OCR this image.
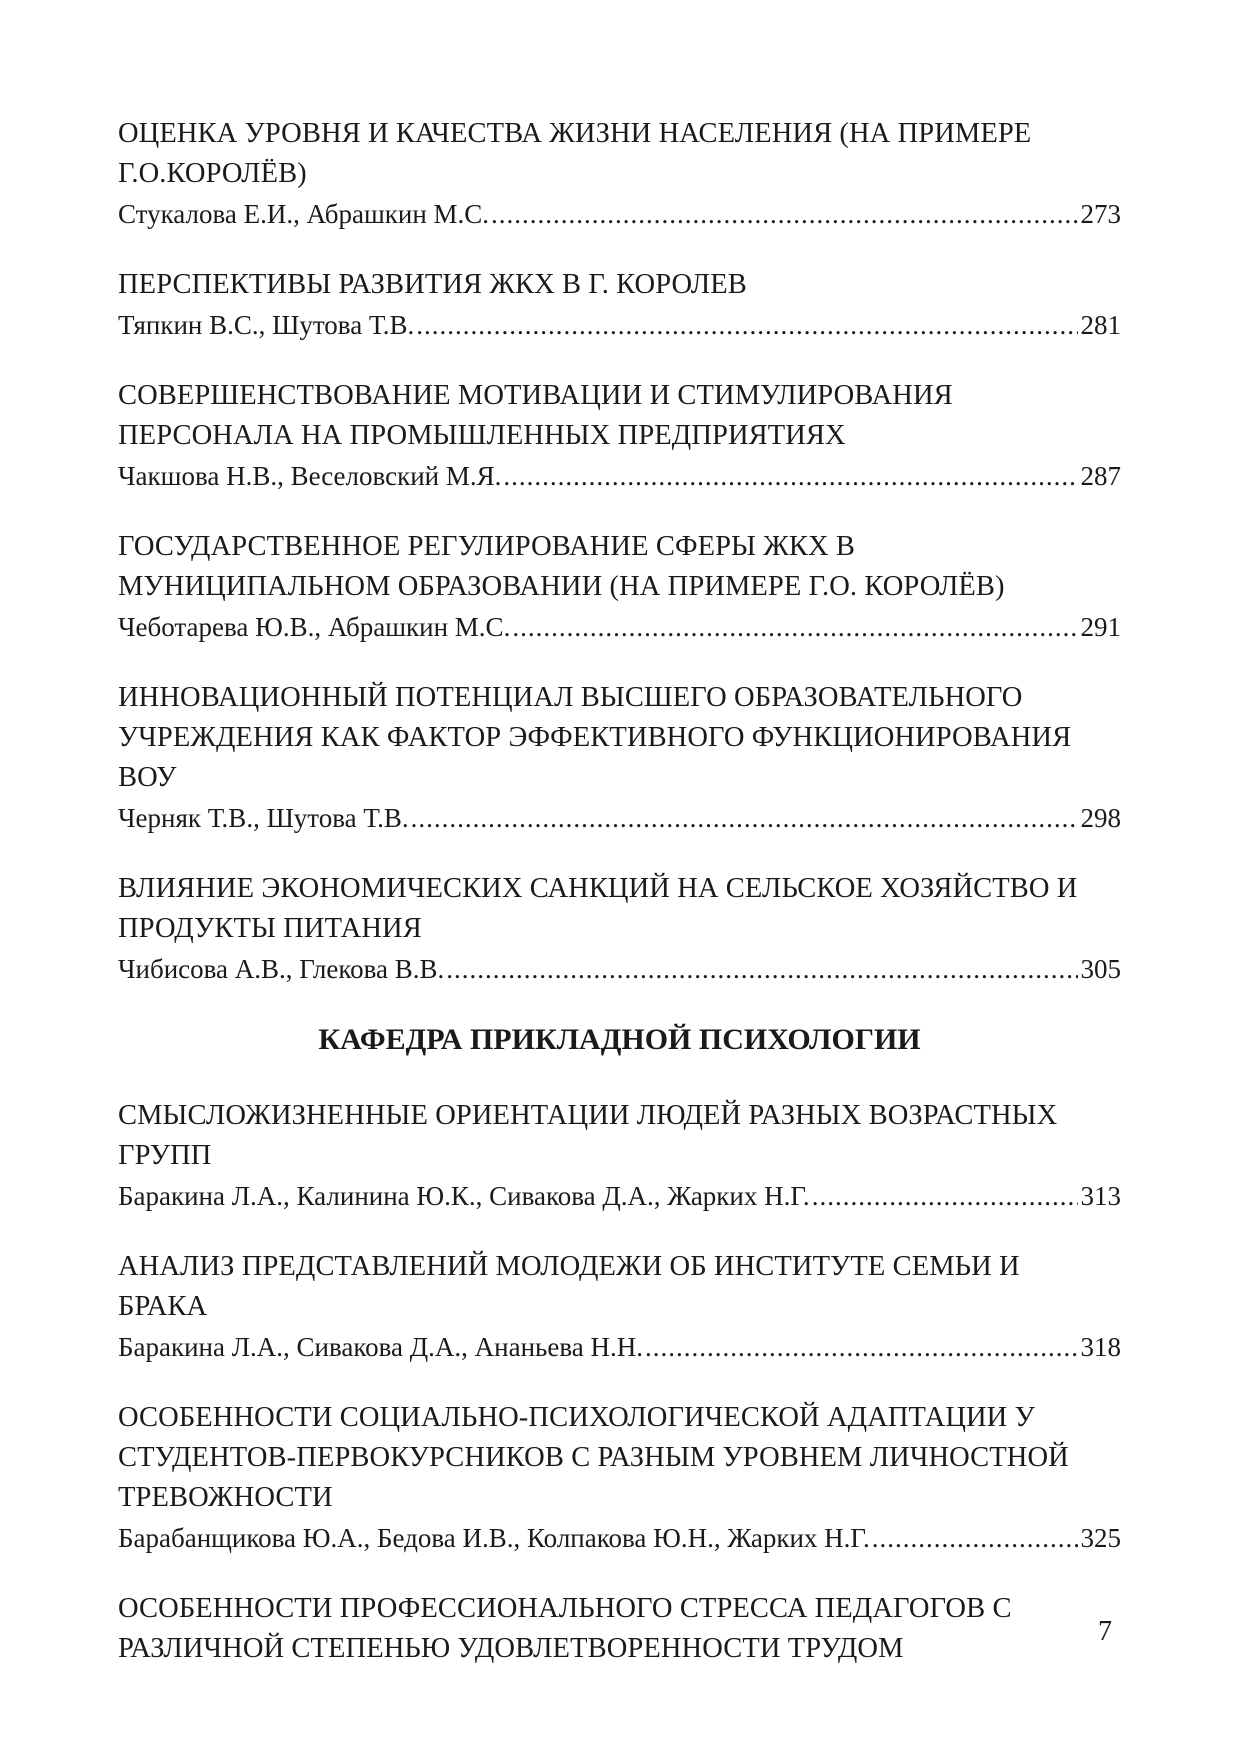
ОЦЕНКА УРОВНЯ И КАЧЕСТВА ЖИЗНИ НАСЕЛЕНИЯ (НА ПРИМЕРЕ
Г.О.КОРОЛЁВ)
Стукалова Е.И., Абрашкин М.С. .....	273
ПЕРСПЕКТИВЫ РАЗВИТИЯ ЖКХ В Г. КОРОЛЕВ
Тяпкин В.С., Шутова Т.В. .....	281
СОВЕРШЕНСТВОВАНИЕ МОТИВАЦИИ И СТИМУЛИРОВАНИЯ
ПЕРСОНАЛА НА ПРОМЫШЛЕННЫХ ПРЕДПРИЯТИЯХ
Чакшова Н.В., Веселовский М.Я. .....	287
ГОСУДАРСТВЕННОЕ РЕГУЛИРОВАНИЕ СФЕРЫ ЖКХ В
МУНИЦИПАЛЬНОМ ОБРАЗОВАНИИ (НА ПРИМЕРЕ Г.О. КОРОЛЁВ)
Чеботарева Ю.В., Абрашкин М.С. .....	291
ИННОВАЦИОННЫЙ ПОТЕНЦИАЛ ВЫСШЕГО ОБРАЗОВАТЕЛЬНОГО
УЧРЕЖДЕНИЯ КАК ФАКТОР ЭФФЕКТИВНОГО ФУНКЦИОНИРОВАНИЯ
ВОУ
Черняк Т.В., Шутова Т.В. .....	298
ВЛИЯНИЕ ЭКОНОМИЧЕСКИХ САНКЦИЙ НА СЕЛЬСКОЕ ХОЗЯЙСТВО И
ПРОДУКТЫ ПИТАНИЯ
Чибисова А.В., Глекова В.В. .....	305
КАФЕДРА ПРИКЛАДНОЙ ПСИХОЛОГИИ
СМЫСЛОЖИЗНЕННЫЕ ОРИЕНТАЦИИ ЛЮДЕЙ РАЗНЫХ ВОЗРАСТНЫХ
ГРУПП
Баракина Л.А., Калинина Ю.К., Сивакова Д.А., Жарких Н.Г. .....	313
АНАЛИЗ ПРЕДСТАВЛЕНИЙ МОЛОДЕЖИ ОБ ИНСТИТУТЕ СЕМЬИ И
БРАКА
Баракина Л.А., Сивакова Д.А., Ананьева Н.Н. .....	318
ОСОБЕННОСТИ СОЦИАЛЬНО-ПСИХОЛОГИЧЕСКОЙ АДАПТАЦИИ У
СТУДЕНТОВ-ПЕРВОКУРСНИКОВ С РАЗНЫМ УРОВНЕМ ЛИЧНОСТНОЙ
ТРЕВОЖНОСТИ
Барабанщикова Ю.А., Бедова И.В., Колпакова Ю.Н., Жарких Н.Г. .....	325
ОСОБЕННОСТИ ПРОФЕССИОНАЛЬНОГО СТРЕССА ПЕДАГОГОВ С
РАЗЛИЧНОЙ СТЕПЕНЬЮ УДОВЛЕТВОРЕННОСТИ ТРУДОМ
7
